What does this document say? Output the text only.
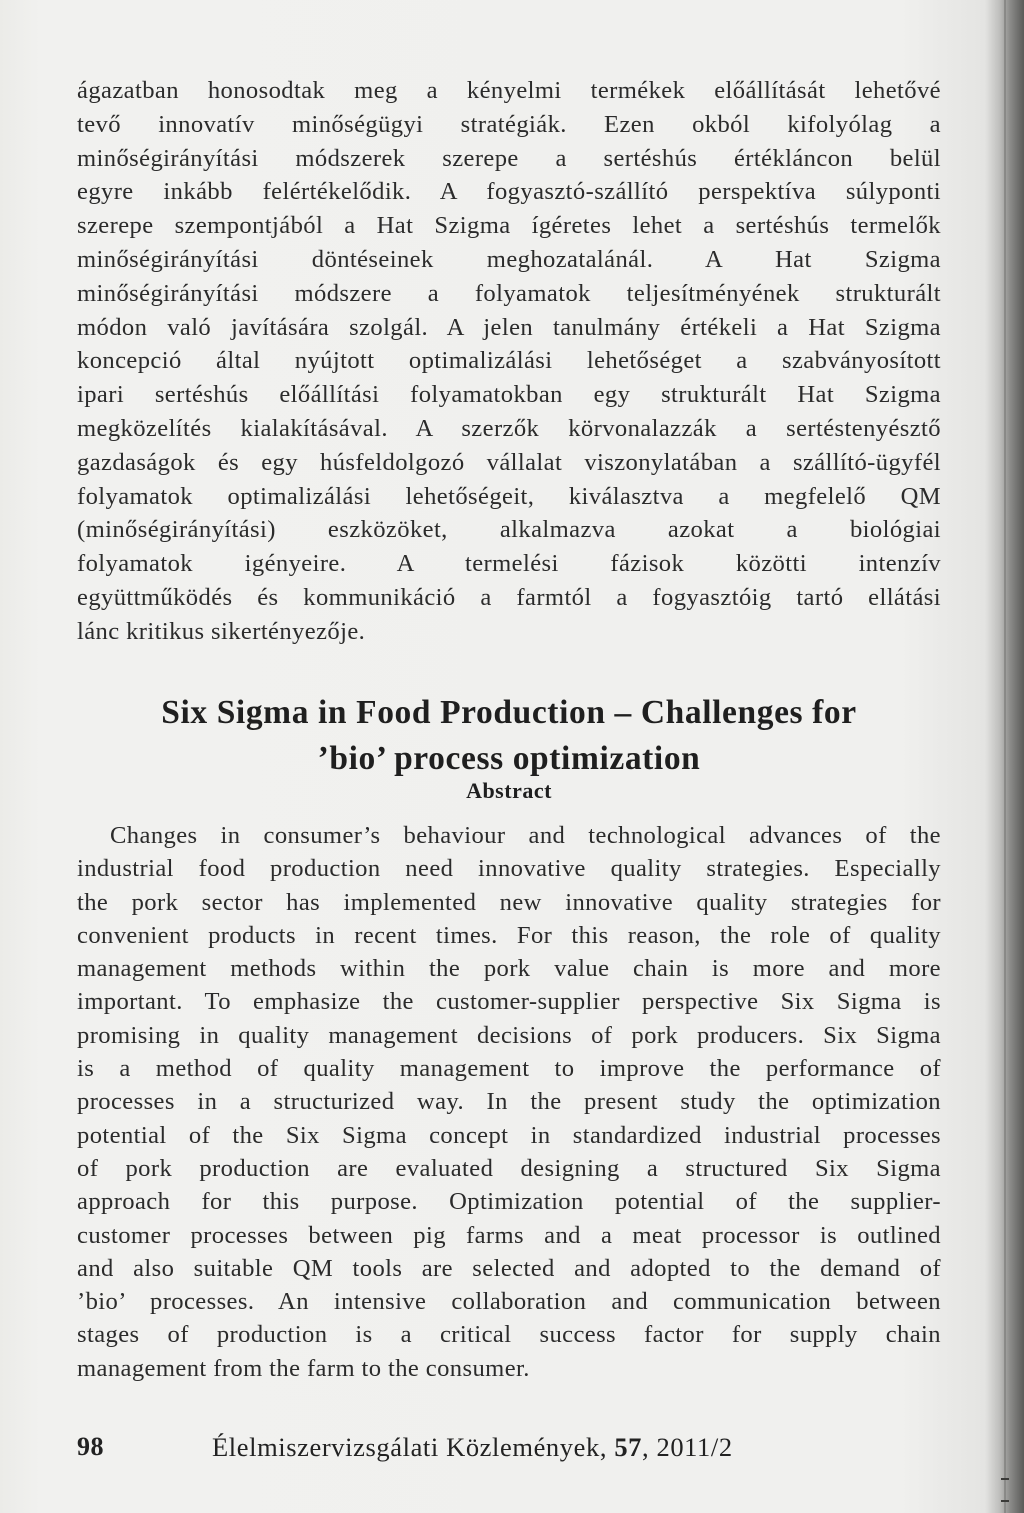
ágazatban honosodtak meg a kényelmi termékek előállítását lehetővé

tevő innovatív minőségügyi stratégiák. Ezen okból kifolyólag a

minőségirányítási módszerek szerepe a sertéshús értékláncon belül

egyre inkább felértékelődik. A fogyasztó-szállító perspektíva súlyponti

szerepe szempontjából a Hat Szigma ígéretes lehet a sertéshús termelők

minőségirányítási döntéseinek meghozatalánál. A Hat Szigma

minőségirányítási módszere a folyamatok teljesítményének strukturált

módon való javítására szolgál. A jelen tanulmány értékeli a Hat Szigma

koncepció által nyújtott optimalizálási lehetőséget a szabványosított

ipari sertéshús előállítási folyamatokban egy strukturált Hat Szigma

megközelítés kialakításával. A szerzők körvonalazzák a sertéstenyésztő

gazdaságok és egy húsfeldolgozó vállalat viszonylatában a szállító-ügyfél

folyamatok optimalizálási lehetőségeit, kiválasztva a megfelelő QM

(minőségirányítási) eszközöket, alkalmazva azokat a biológiai

folyamatok igényeire. A termelési fázisok közötti intenzív

együttműködés és kommunikáció a farmtól a fogyasztóig tartó ellátási

lánc kritikus sikertényezője.

Six Sigma in Food Production – Challenges for
’bio’ process optimization
Abstract

Changes in consumer’s behaviour and technological advances of the

industrial food production need innovative quality strategies. Especially

the pork sector has implemented new innovative quality strategies for

convenient products in recent times. For this reason, the role of quality

management methods within the pork value chain is more and more

important. To emphasize the customer-supplier perspective Six Sigma is

promising in quality management decisions of pork producers. Six Sigma

is a method of quality management to improve the performance of

processes in a structurized way. In the present study the optimization

potential of the Six Sigma concept in standardized industrial processes

of pork production are evaluated designing a structured Six Sigma

approach for this purpose. Optimization potential of the supplier-

customer processes between pig farms and a meat processor is outlined

and also suitable QM tools are selected and adopted to the demand of

’bio’ processes. An intensive collaboration and communication between

stages of production is a critical success factor for supply chain

management from the farm to the consumer.

98	Élelmiszervizsgálati Közlemények, 57, 2011/2
